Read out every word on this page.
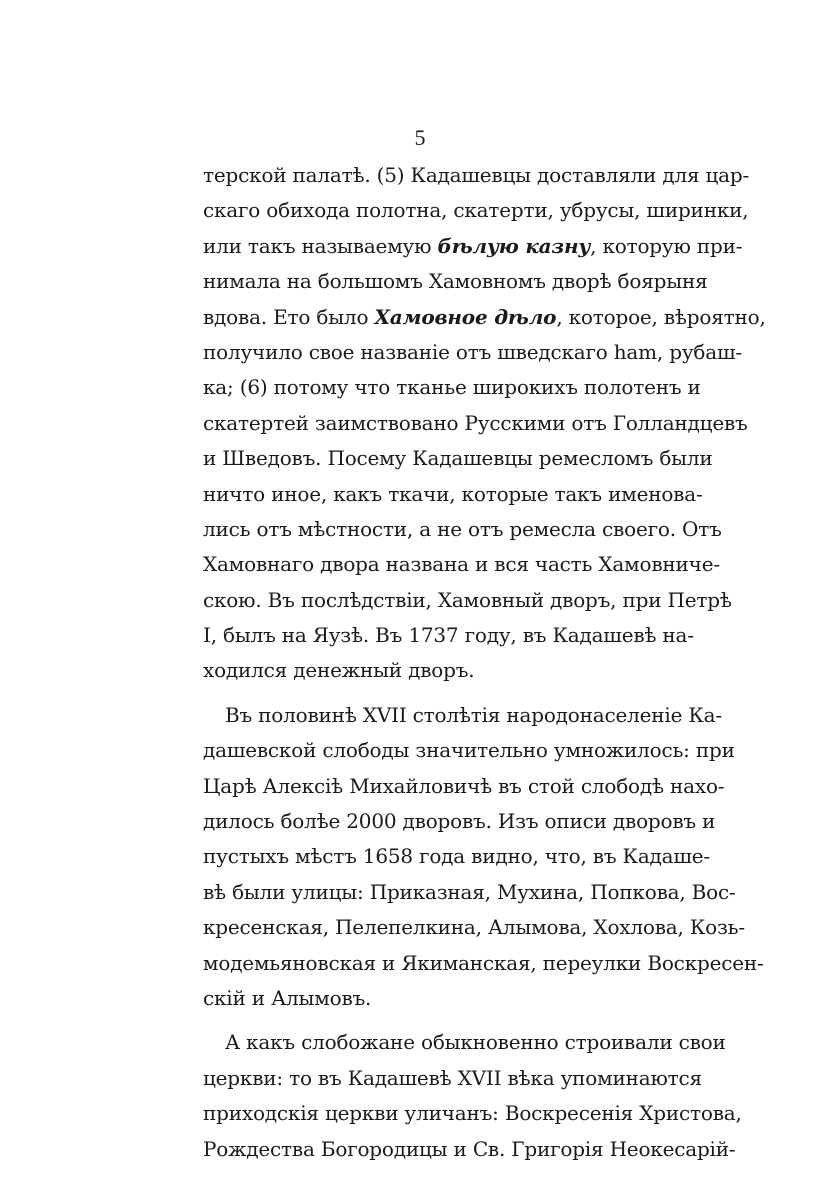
5
терской палатѣ. (5) Кадашевцы доставляли для цар-
скаго обихода полотна, скатерти, убрусы, ширинки,
или такъ называемую бѣлую казну, которую при-
нимала на большомъ Хамовномъ дворѣ боярыня
вдова. Ето было Хамовное дѣло, которое, вѣроятно,
получило свое названіе отъ шведскаго ham, рубаш-
ка; (6) потому что тканье широкихъ полотенъ и
скатертей заимствовано Русскими отъ Голландцевъ
и Шведовъ. Посему Кадашевцы ремесломъ были
ничто иное, какъ ткачи, которые такъ именова-
лись отъ мѣстности, а не отъ ремесла своего. Отъ
Хамовнаго двора названа и вся часть Хамовниче-
скою. Въ послѣдствіи, Хамовный дворъ, при Петрѣ
I, былъ на Яузѣ. Въ 1737 году, въ Кадашевѣ на-
ходился денежный дворъ.
Въ половинѣ XVII столѣтія народонаселеніе Ка-
дашевской слободы значительно умножилось: при
Царѣ Алексіѣ Михайловичѣ въ стой слободѣ нахо-
дилось болѣе 2000 дворовъ. Изъ описи дворовъ и
пустыхъ мѣстъ 1658 года видно, что, въ Кадаше-
вѣ были улицы: Приказная, Мухина, Попкова, Вос-
кресенская, Пелепелкина, Алымова, Хохлова, Козь-
модемьяновская и Якиманская, переулки Воскресен-
скій и Алымовъ.
А какъ слобожане обыкновенно строивали свои
церкви: то въ Кадашевѣ XVII вѣка упоминаются
приходскія церкви уличанъ: Воскресенія Христова,
Рождества Богородицы и Св. Григорія Неокесарій-
